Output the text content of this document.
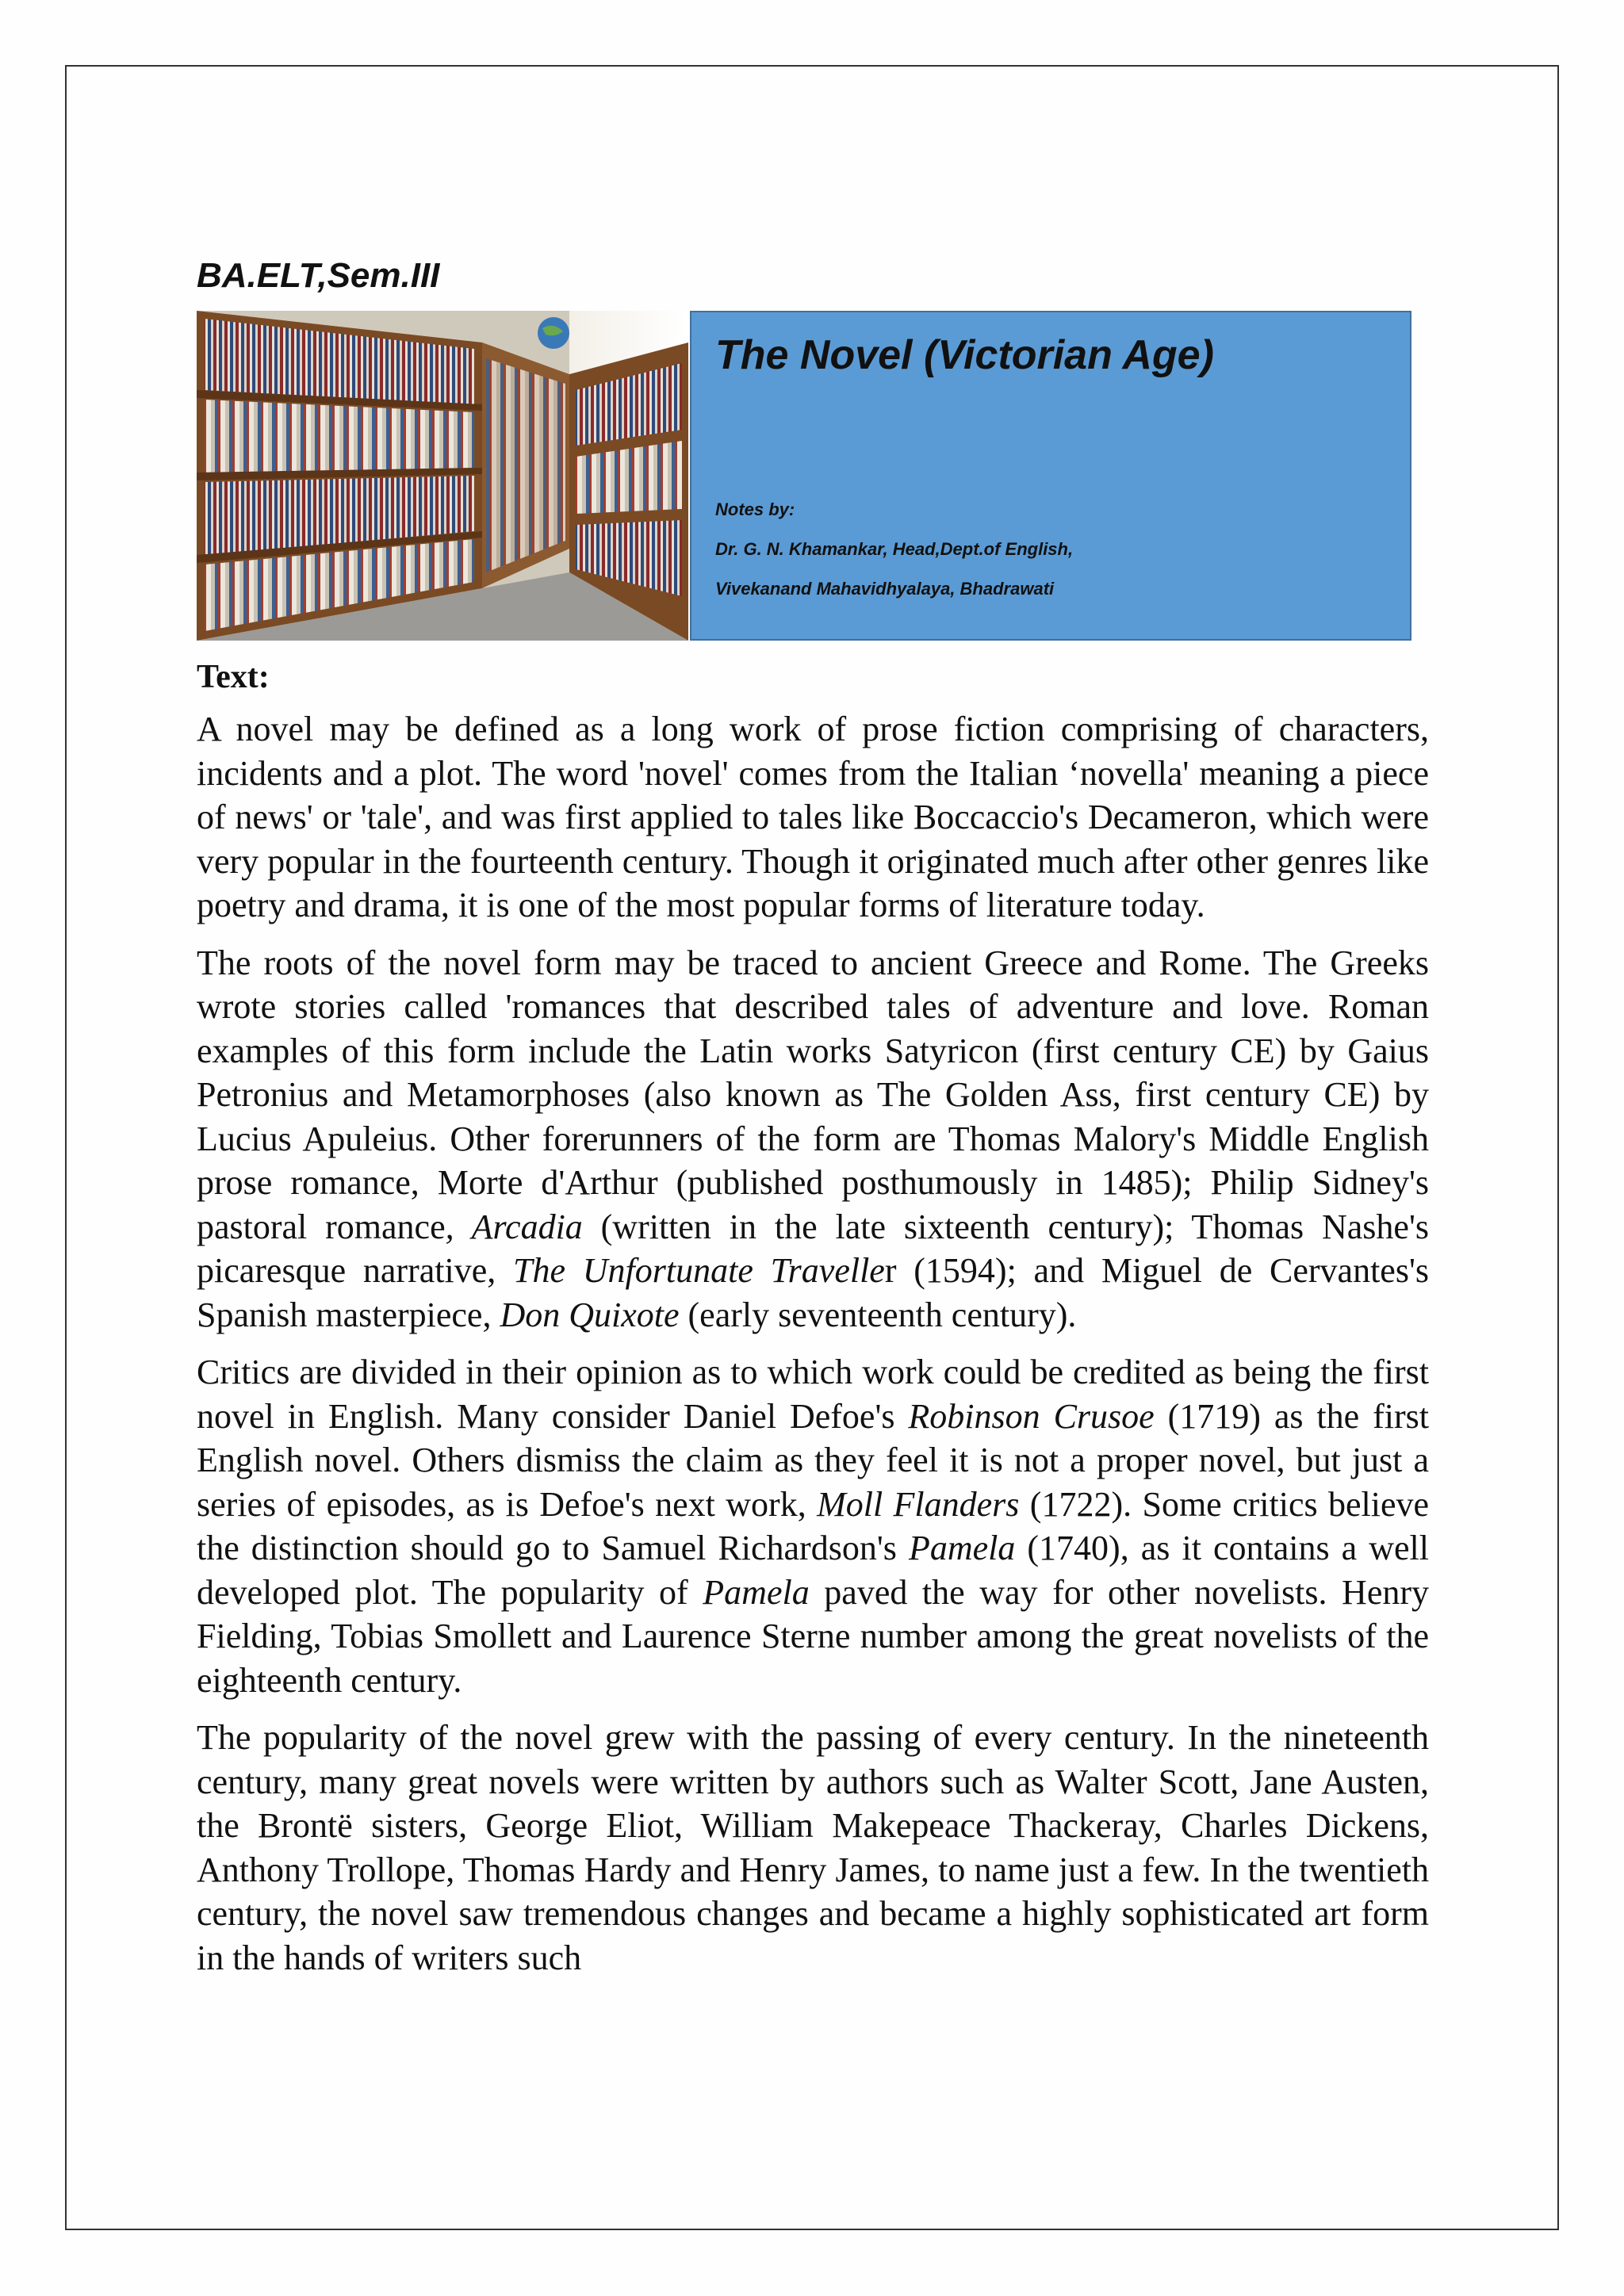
BA.ELT,Sem.III
The Novel (Victorian Age)

Notes by:

Dr. G. N. Khamankar, Head,Dept.of English,

Vivekanand Mahavidhyalaya, Bhadrawati

Text:

A novel may be defined as a long work of prose fiction comprising of characters, incidents and a plot. The word 'novel' comes from the Italian ‘novella' meaning a piece of news' or 'tale', and was first applied to tales like Boccaccio's Decameron, which were very popular in the fourteenth century. Though it originated much after other genres like poetry and drama, it is one of the most popular forms of literature today.

The roots of the novel form may be traced to ancient Greece and Rome. The Greeks wrote stories called 'romances that described tales of adventure and love. Roman examples of this form include the Latin works Satyricon (first century CE) by Gaius Petronius and Metamorphoses (also known as The Golden Ass, first century CE) by Lucius Apuleius. Other forerunners of the form are Thomas Malory's Middle English prose romance, Morte d'Arthur (published posthumously in 1485); Philip Sidney's pastoral romance, Arcadia (written in the late sixteenth century); Thomas Nashe's picaresque narrative, The Unfortunate Traveller (1594); and Miguel de Cervantes's Spanish masterpiece, Don Quixote (early seventeenth century).

Critics are divided in their opinion as to which work could be credited as being the first novel in English. Many consider Daniel Defoe's Robinson Crusoe (1719) as the first English novel. Others dismiss the claim as they feel it is not a proper novel, but just a series of episodes, as is Defoe's next work, Moll Flanders (1722). Some critics believe the distinction should go to Samuel Richardson's Pamela (1740), as it contains a well developed plot. The popularity of Pamela paved the way for other novelists. Henry Fielding, Tobias Smollett and Laurence Sterne number among the great novelists of the eighteenth century.

The popularity of the novel grew with the passing of every century. In the nineteenth century, many great novels were written by authors such as Walter Scott, Jane Austen, the Brontë sisters, George Eliot, William Makepeace Thackeray, Charles Dickens, Anthony Trollope, Thomas Hardy and Henry James, to name just a few. In the twentieth century, the novel saw tremendous changes and became a highly sophisticated art form in the hands of writers such
